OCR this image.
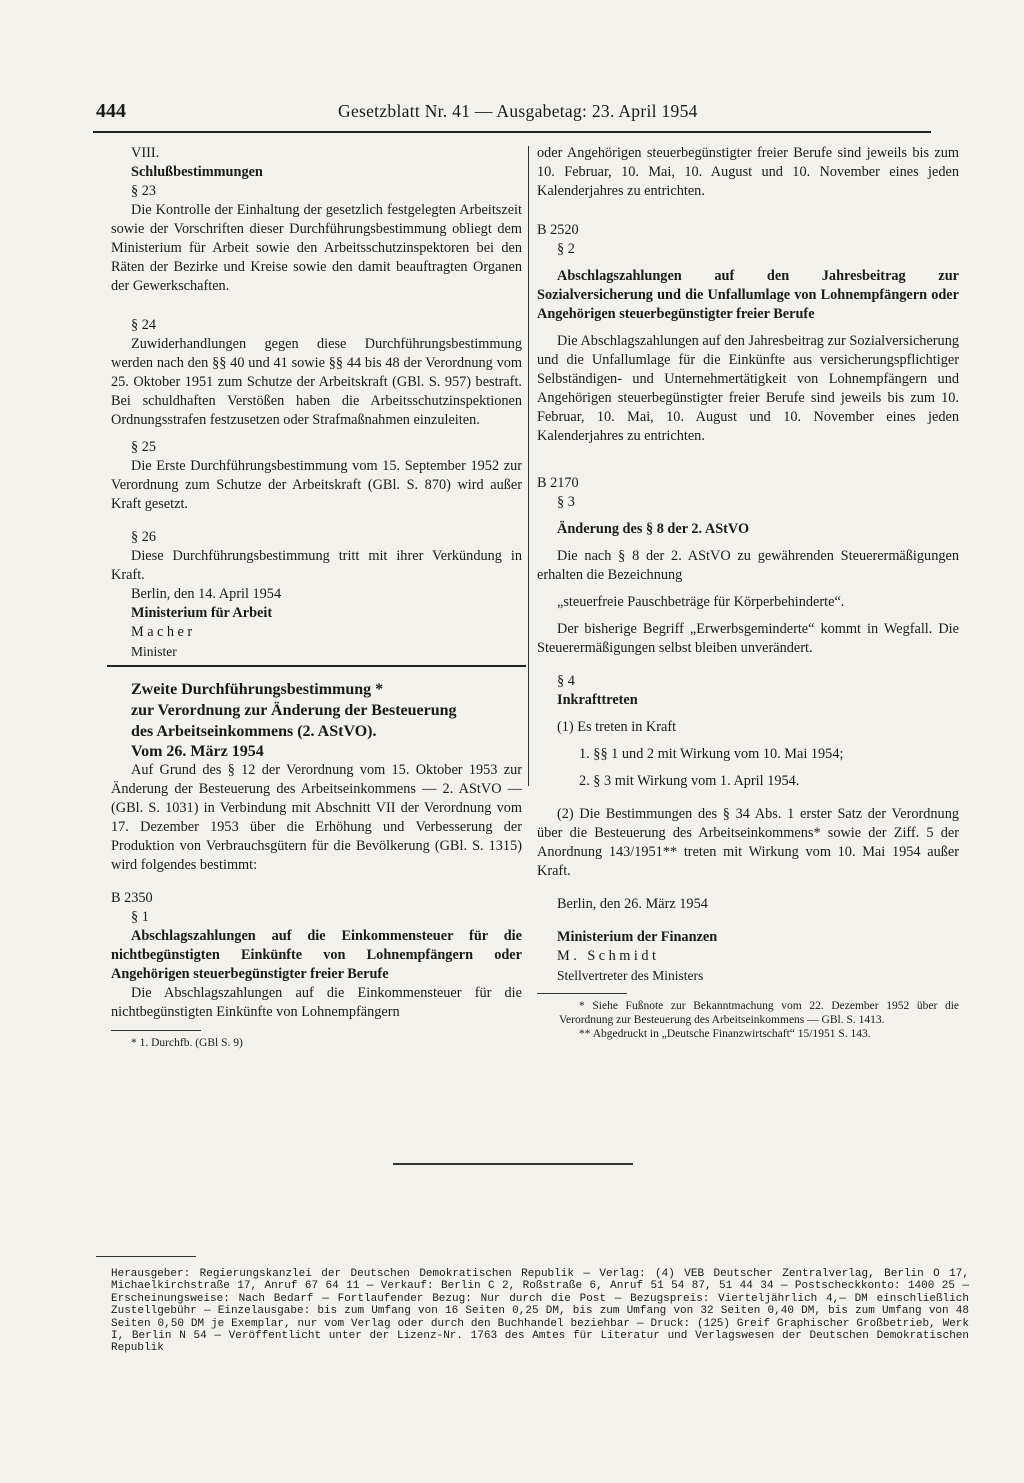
444	Gesetzblatt Nr. 41 — Ausgabetag: 23. April 1954

VIII.

Schlußbestimmungen

§ 23

Die Kontrolle der Einhaltung der gesetzlich festgelegten Arbeitszeit sowie der Vorschriften dieser Durchführungsbestimmung obliegt dem Ministerium für Arbeit sowie den Arbeitsschutzinspektoren bei den Räten der Bezirke und Kreise sowie den damit beauftragten Organen der Gewerkschaften.

§ 24

Zuwiderhandlungen gegen diese Durchführungsbestimmung werden nach den §§ 40 und 41 sowie §§ 44 bis 48 der Verordnung vom 25. Oktober 1951 zum Schutze der Arbeitskraft (GBl. S. 957) bestraft. Bei schuldhaften Verstößen haben die Arbeitsschutzinspektionen Ordnungsstrafen festzusetzen oder Strafmaßnahmen einzuleiten.

§ 25

Die Erste Durchführungsbestimmung vom 15. September 1952 zur Verordnung zum Schutze der Arbeitskraft (GBl. S. 870) wird außer Kraft gesetzt.

§ 26

Diese Durchführungsbestimmung tritt mit ihrer Verkündung in Kraft.

Berlin, den 14. April 1954

Ministerium für Arbeit

Macher

Minister

Zweite Durchführungsbestimmung *

zur Verordnung zur Änderung der Besteuerung

des Arbeitseinkommens (2. AStVO).

Vom 26. März 1954

Auf Grund des § 12 der Verordnung vom 15. Oktober 1953 zur Änderung der Besteuerung des Arbeitseinkommens — 2. AStVO — (GBl. S. 1031) in Verbindung mit Abschnitt VII der Verordnung vom 17. Dezember 1953 über die Erhöhung und Verbesserung der Produktion von Verbrauchsgütern für die Bevölkerung (GBl. S. 1315) wird folgendes bestimmt:

B 2350

§ 1

Abschlagszahlungen auf die Einkommensteuer für die nichtbegünstigten Einkünfte von Lohnempfängern oder Angehörigen steuerbegünstigter freier Berufe

Die Abschlagszahlungen auf die Einkommensteuer für die nichtbegünstigten Einkünfte von Lohnempfängern

* 1. Durchfb. (GBl S. 9)

oder Angehörigen steuerbegünstigter freier Berufe sind jeweils bis zum 10. Februar, 10. Mai, 10. August und 10. November eines jeden Kalenderjahres zu entrichten.

B 2520

§ 2

Abschlagszahlungen auf den Jahresbeitrag zur Sozialversicherung und die Unfallumlage von Lohnempfängern oder Angehörigen steuerbegünstigter freier Berufe

Die Abschlagszahlungen auf den Jahresbeitrag zur Sozialversicherung und die Unfallumlage für die Einkünfte aus versicherungspflichtiger Selbständigen- und Unternehmertätigkeit von Lohnempfängern und Angehörigen steuerbegünstigter freier Berufe sind jeweils bis zum 10. Februar, 10. Mai, 10. August und 10. November eines jeden Kalenderjahres zu entrichten.

B 2170

§ 3

Änderung des § 8 der 2. AStVO

Die nach § 8 der 2. AStVO zu gewährenden Steuerermäßigungen erhalten die Bezeichnung

„steuerfreie Pauschbeträge für Körperbehinderte“.

Der bisherige Begriff „Erwerbsgeminderte“ kommt in Wegfall. Die Steuerermäßigungen selbst bleiben unverändert.

§ 4

Inkrafttreten

(1) Es treten in Kraft

1. §§ 1 und 2 mit Wirkung vom 10. Mai 1954;

2. § 3 mit Wirkung vom 1. April 1954.

(2) Die Bestimmungen des § 34 Abs. 1 erster Satz der Verordnung über die Besteuerung des Arbeitseinkommens* sowie der Ziff. 5 der Anordnung 143/1951** treten mit Wirkung vom 10. Mai 1954 außer Kraft.

Berlin, den 26. März 1954

Ministerium der Finanzen

M. Schmidt

Stellvertreter des Ministers

* Siehe Fußnote zur Bekanntmachung vom 22. Dezember 1952 über die Verordnung zur Besteuerung des Arbeitseinkommens — GBl. S. 1413.

** Abgedruckt in „Deutsche Finanzwirtschaft“ 15/1951 S. 143.

Herausgeber: Regierungskanzlei der Deutschen Demokratischen Republik — Verlag: (4) VEB Deutscher Zentralverlag, Berlin O 17, Michaelkirchstraße 17, Anruf 67 64 11 — Verkauf: Berlin C 2, Roßstraße 6, Anruf 51 54 87, 51 44 34 — Postscheckkonto: 1400 25 — Erscheinungsweise: Nach Bedarf — Fortlaufender Bezug: Nur durch die Post — Bezugspreis: Vierteljährlich 4,— DM einschließlich Zustellgebühr — Einzelausgabe: bis zum Umfang von 16 Seiten 0,25 DM, bis zum Umfang von 32 Seiten 0,40 DM, bis zum Umfang von 48 Seiten 0,50 DM je Exemplar, nur vom Verlag oder durch den Buchhandel beziehbar — Druck: (125) Greif Graphischer Großbetrieb, Werk I, Berlin N 54 — Veröffentlicht unter der Lizenz-Nr. 1763 des Amtes für Literatur und Verlagswesen der Deutschen Demokratischen Republik
